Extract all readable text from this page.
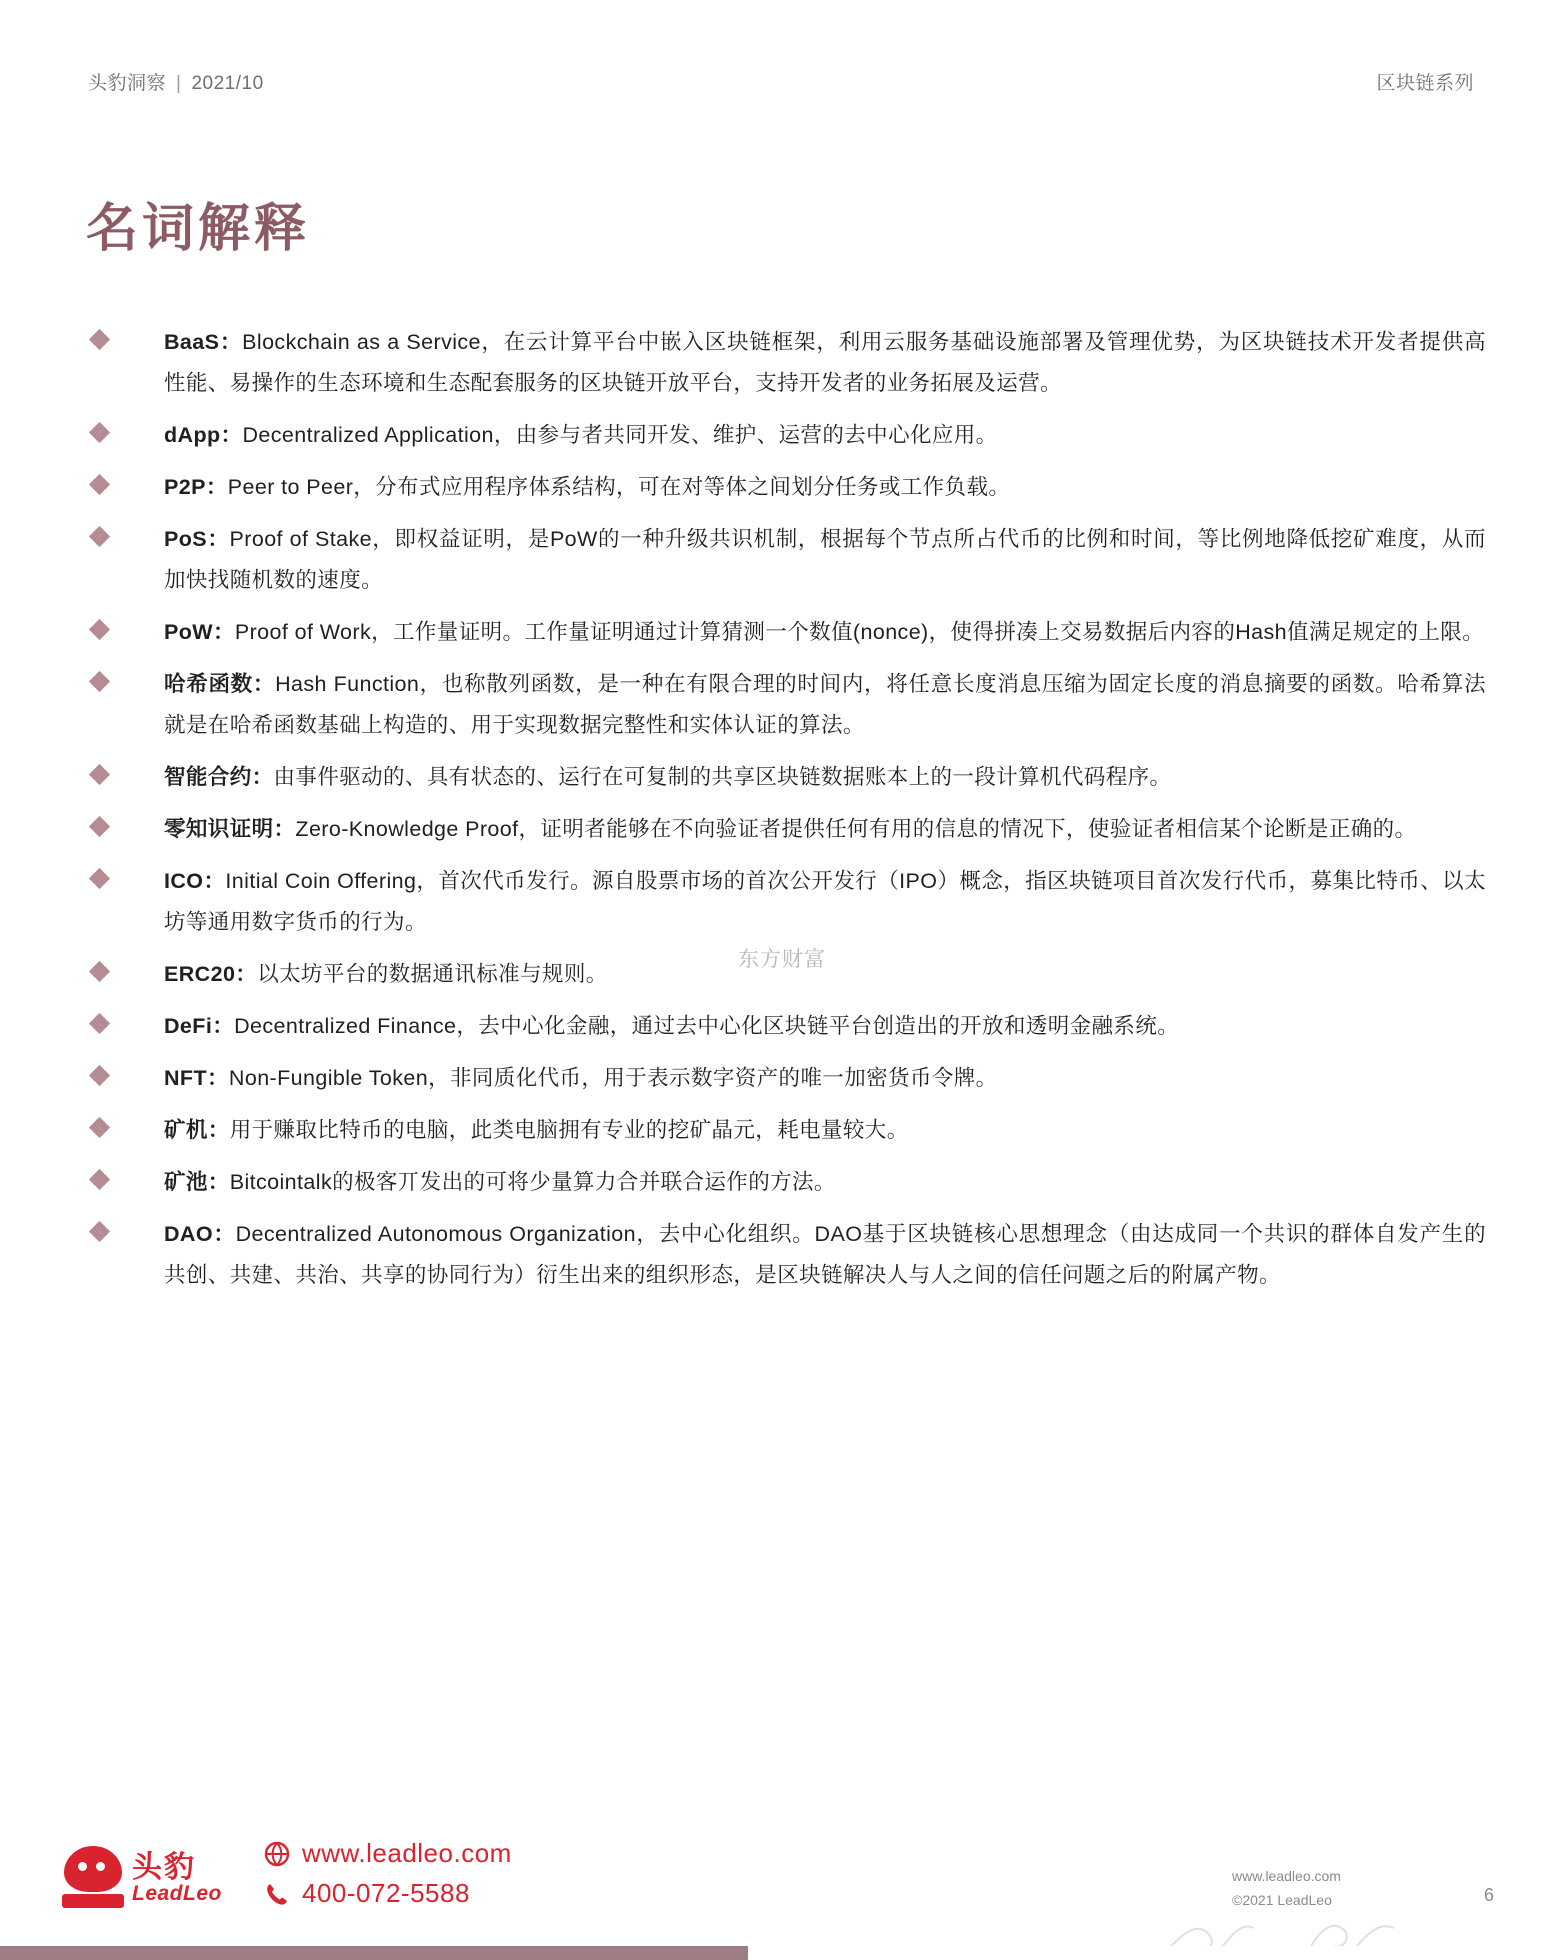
头豹洞察 | 2021/10	区块链系列
名词解释
BaaS：Blockchain as a Service，在云计算平台中嵌入区块链框架，利用云服务基础设施部署及管理优势，为区块链技术开发者提供高性能、易操作的生态环境和生态配套服务的区块链开放平台，支持开发者的业务拓展及运营。
dApp：Decentralized Application，由参与者共同开发、维护、运营的去中心化应用。
P2P：Peer to Peer，分布式应用程序体系结构，可在对等体之间划分任务或工作负载。
PoS：Proof of Stake，即权益证明，是PoW的一种升级共识机制，根据每个节点所占代币的比例和时间，等比例地降低挖矿难度，从而加快找随机数的速度。
PoW：Proof of Work，工作量证明。工作量证明通过计算猜测一个数值(nonce)，使得拼凑上交易数据后内容的Hash值满足规定的上限。
哈希函数：Hash Function，也称散列函数，是一种在有限合理的时间内，将任意长度消息压缩为固定长度的消息摘要的函数。哈希算法就是在哈希函数基础上构造的、用于实现数据完整性和实体认证的算法。
智能合约：由事件驱动的、具有状态的、运行在可复制的共享区块链数据账本上的一段计算机代码程序。
零知识证明：Zero-Knowledge Proof，证明者能够在不向验证者提供任何有用的信息的情况下，使验证者相信某个论断是正确的。
ICO：Initial Coin Offering，首次代币发行。源自股票市场的首次公开发行（IPO）概念，指区块链项目首次发行代币，募集比特币、以太坊等通用数字货币的行为。
ERC20：以太坊平台的数据通讯标准与规则。
DeFi：Decentralized Finance，去中心化金融，通过去中心化区块链平台创造出的开放和透明金融系统。
NFT：Non-Fungible Token，非同质化代币，用于表示数字资产的唯一加密货币令牌。
矿机：用于赚取比特币的电脑，此类电脑拥有专业的挖矿晶元，耗电量较大。
矿池：Bitcointalk的极客丌发出的可将少量算力合并联合运作的方法。
DAO：Decentralized Autonomous Organization，去中心化组织。DAO基于区块链核心思想理念（由达成同一个共识的群体自发产生的共创、共建、共治、共享的协同行为）衍生出来的组织形态，是区块链解决人与人之间的信任问题之后的附属产物。
东方财富
头豹
LeadLeo
www.leadleo.com
400-072-5588
www.leadleo.com
©2021 LeadLeo	6
